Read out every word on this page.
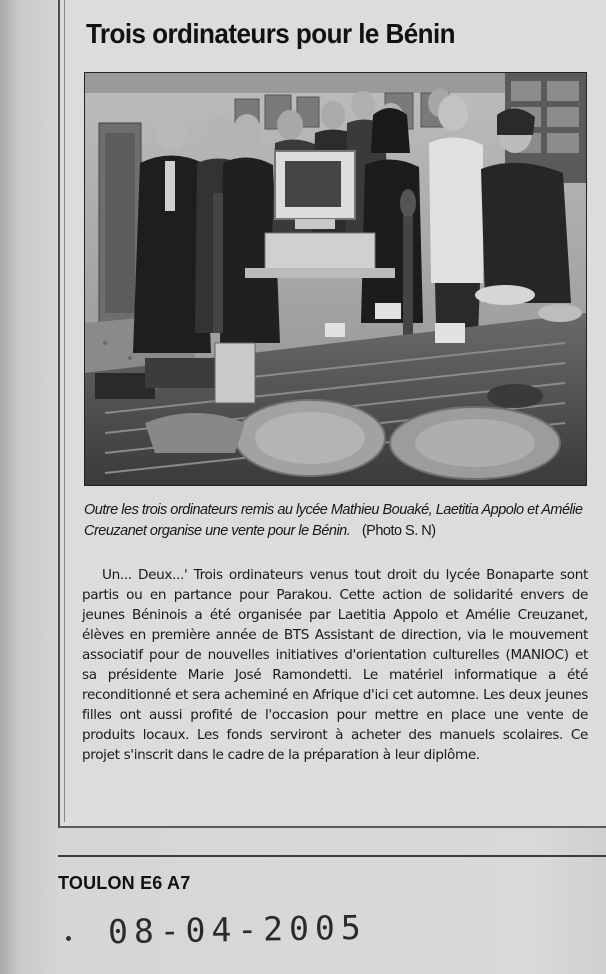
Trois ordinateurs pour le Bénin
Outre les trois ordinateurs remis au lycée Mathieu Bouaké, Laetitia Appolo et Amélie Creuzanet organise une vente pour le Bénin. (Photo S. N)

Un... Deux...' Trois ordinateurs venus tout droit du lycée Bonaparte sont partis ou en partance pour Parakou. Cette action de solidarité envers de jeunes Béninois a été organisée par Laetitia Appolo et Amélie Creuzanet, élèves en première année de BTS Assistant de direction, via le mouvement associatif pour de nouvelles initiatives d'orientation culturelles (MANIOC) et sa présidente Marie José Ramondetti. Le matériel informatique a été reconditionné et sera acheminé en Afrique d'ici cet automne. Les deux jeunes filles ont aussi profité de l'occasion pour mettre en place une vente de produits locaux. Les fonds serviront à acheter des manuels scolaires. Ce projet s'inscrit dans le cadre de la préparation à leur diplôme.

TOULON E6 A7
08-04-2005
